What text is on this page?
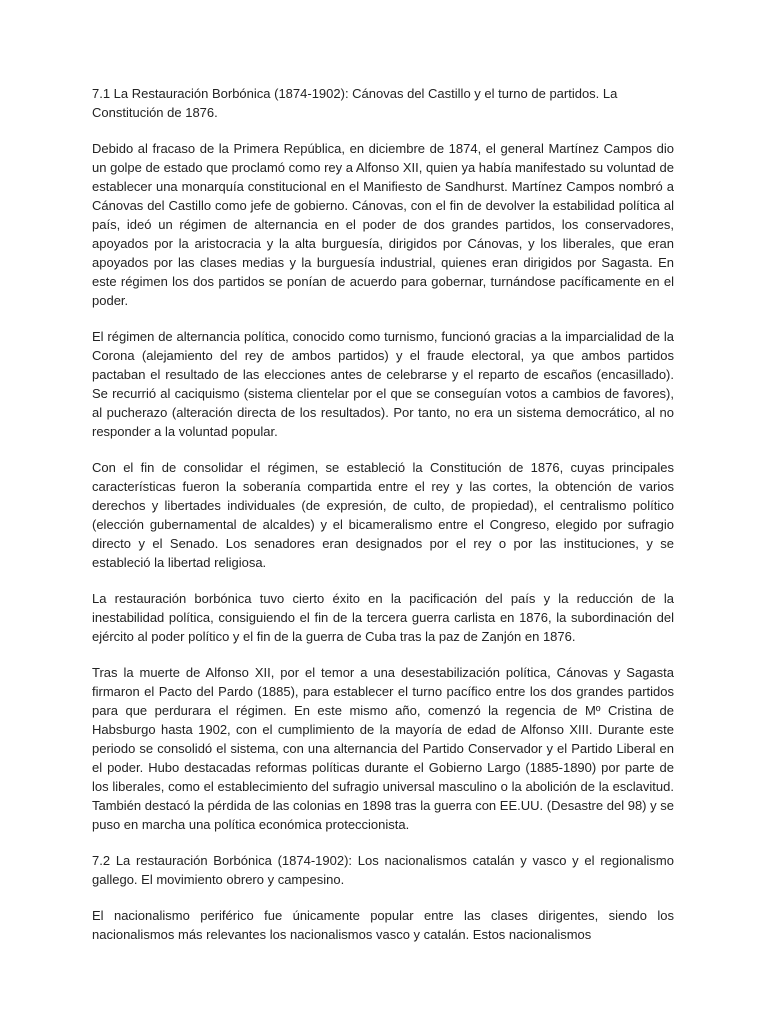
7.1 La Restauración Borbónica (1874-1902): Cánovas del Castillo y el turno de partidos. La Constitución de 1876.

Debido al fracaso de la Primera República, en diciembre de 1874, el general Martínez Campos dio un golpe de estado que proclamó como rey a Alfonso XII, quien ya había manifestado su voluntad de establecer una monarquía constitucional en el Manifiesto de Sandhurst. Martínez Campos nombró a Cánovas del Castillo como jefe de gobierno. Cánovas, con el fin de devolver la estabilidad política al país, ideó un régimen de alternancia en el poder de dos grandes partidos, los conservadores, apoyados por la aristocracia y la alta burguesía, dirigidos por Cánovas, y los liberales, que eran apoyados por las clases medias y la burguesía industrial, quienes eran dirigidos por Sagasta. En este régimen los dos partidos se ponían de acuerdo para gobernar, turnándose pacíficamente en el poder.

El régimen de alternancia política, conocido como turnismo, funcionó gracias a la imparcialidad de la Corona (alejamiento del rey de ambos partidos) y el fraude electoral, ya que ambos partidos pactaban el resultado de las elecciones antes de celebrarse y el reparto de escaños (encasillado). Se recurrió al caciquismo (sistema clientelar por el que se conseguían votos a cambios de favores), al pucherazo (alteración directa de los resultados). Por tanto, no era un sistema democrático, al no responder a la voluntad popular.

Con el fin de consolidar el régimen, se estableció la Constitución de 1876, cuyas principales características fueron la soberanía compartida entre el rey y las cortes, la obtención de varios derechos y libertades individuales (de expresión, de culto, de propiedad), el centralismo político (elección gubernamental de alcaldes) y el bicameralismo entre el Congreso, elegido por sufragio directo y el Senado. Los senadores eran designados por el rey o por las instituciones, y se estableció la libertad religiosa.

La restauración borbónica tuvo cierto éxito en la pacificación del país y la reducción de la inestabilidad política, consiguiendo el fin de la tercera guerra carlista en 1876, la subordinación del ejército al poder político y el fin de la guerra de Cuba tras la paz de Zanjón en 1876.

Tras la muerte de Alfonso XII, por el temor a una desestabilización política, Cánovas y Sagasta firmaron el Pacto del Pardo (1885), para establecer el turno pacífico entre los dos grandes partidos para que perdurara el régimen. En este mismo año, comenzó la regencia de Mº Cristina de Habsburgo hasta 1902, con el cumplimiento de la mayoría de edad de Alfonso XIII. Durante este periodo se consolidó el sistema, con una alternancia del Partido Conservador y el Partido Liberal en el poder. Hubo destacadas reformas políticas durante el Gobierno Largo (1885-1890) por parte de los liberales, como el establecimiento del sufragio universal masculino o la abolición de la esclavitud. También destacó la pérdida de las colonias en 1898 tras la guerra con EE.UU. (Desastre del 98) y se puso en marcha una política económica proteccionista.

7.2 La restauración Borbónica (1874-1902): Los nacionalismos catalán y vasco y el regionalismo gallego. El movimiento obrero y campesino.

El nacionalismo periférico fue únicamente popular entre las clases dirigentes, siendo los nacionalismos más relevantes los nacionalismos vasco y catalán. Estos nacionalismos
